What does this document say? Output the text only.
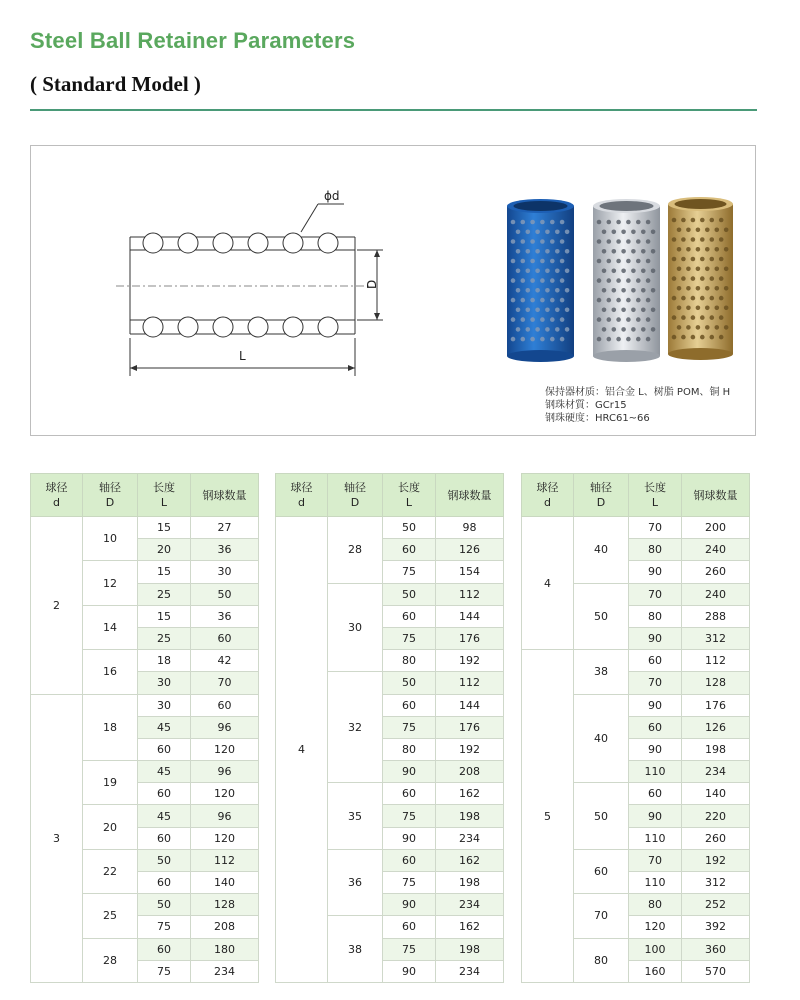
Steel Ball Retainer Parameters
( Standard Model )
ϕd
D
L
保持器材质：铝合金 L、树脂 POM、铜 H
钢珠材質：GCr15
钢珠硬度：HRC61~66
球径
d	轴径
D	长度
L	钢球数量

2	10	15	27
		20	36
	12	15	30
		25	50
	14	15	36
		25	60
	16	18	42
		30	70
3	18	30	60
		45	96
		60	120
	19	45	96
		60	120
	20	45	96
		60	120
	22	50	112
		60	140
	25	50	128
		75	208
	28	60	180
		75	234
球径
d	轴径
D	长度
L	钢球数量

4	28	50	98
		60	126
		75	154
	30	50	112
		60	144
		75	176
		80	192
	32	50	112
		60	144
		75	176
		80	192
		90	208
	35	60	162
		75	198
		90	234
	36	60	162
		75	198
		90	234
	38	60	162
		75	198
		90	234
球径
d	轴径
D	长度
L	钢球数量

4	40	70	200
		80	240
		90	260
	50	70	240
		80	288
		90	312
5	38	60	112
		70	128
	40	90	176
		60	126
		90	198
		110	234
	50	60	140
		90	220
		110	260
	60	70	192
		110	312
	70	80	252
		120	392
	80	100	360
		160	570
